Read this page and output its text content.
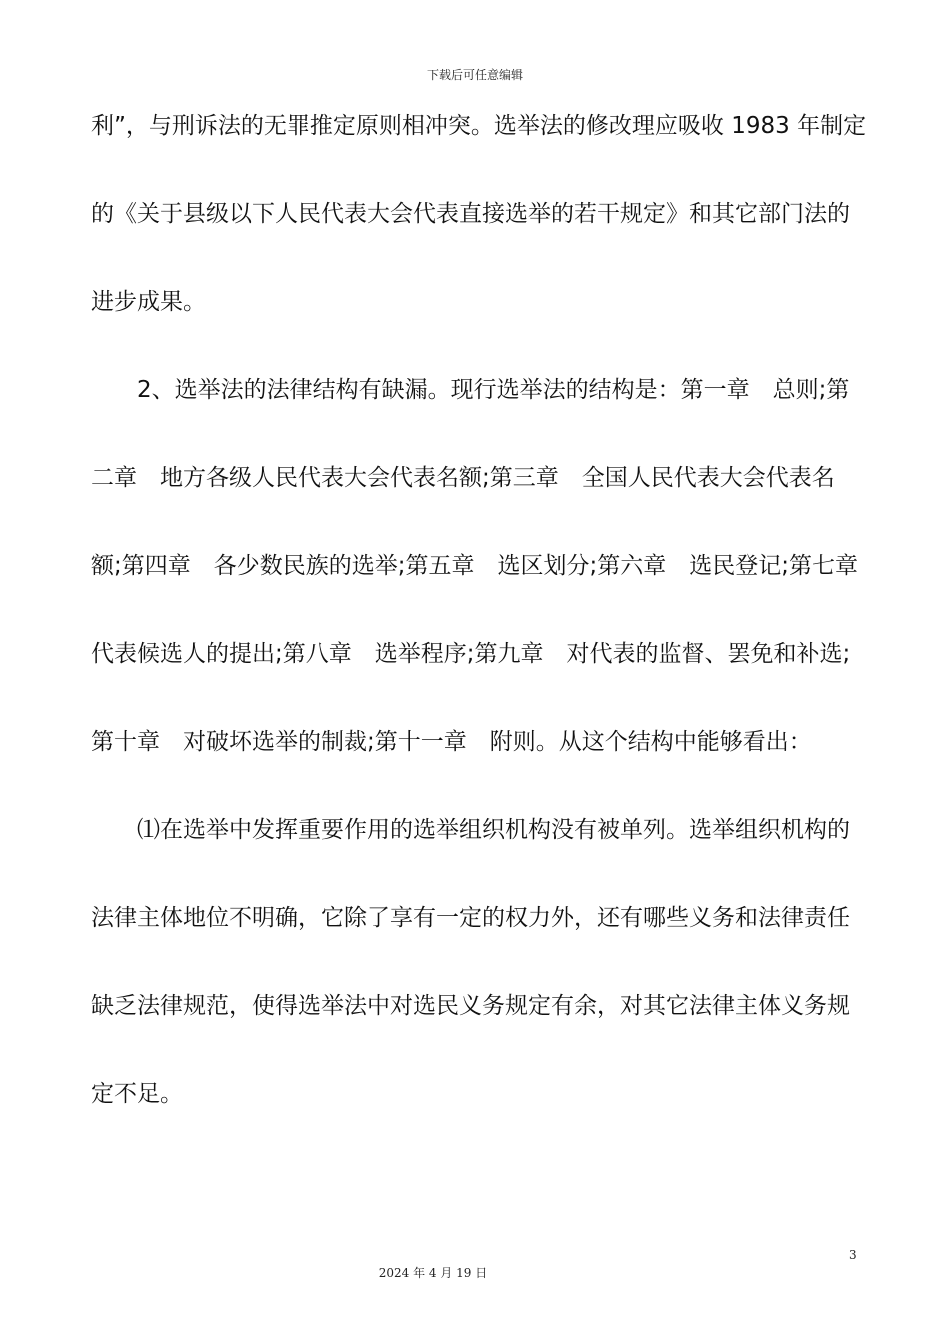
下载后可任意编辑
利”，与刑诉法的无罪推定原则相冲突。选举法的修改理应吸收 1983 年制定
的《关于县级以下人民代表大会代表直接选举的若干规定》和其它部门法的
进步成果。
2、选举法的法律结构有缺漏。现行选举法的结构是：第一章　总则;第
二章　地方各级人民代表大会代表名额;第三章　全国人民代表大会代表名
额;第四章　各少数民族的选举;第五章　选区划分;第六章　选民登记;第七章
代表候选人的提出;第八章　选举程序;第九章　对代表的监督、罢免和补选;
第十章　对破坏选举的制裁;第十一章　附则。从这个结构中能够看出：
⑴在选举中发挥重要作用的选举组织机构没有被单列。选举组织机构的
法律主体地位不明确，它除了享有一定的权力外，还有哪些义务和法律责任
缺乏法律规范，使得选举法中对选民义务规定有余，对其它法律主体义务规
定不足。
3
2024 年 4 月 19 日
